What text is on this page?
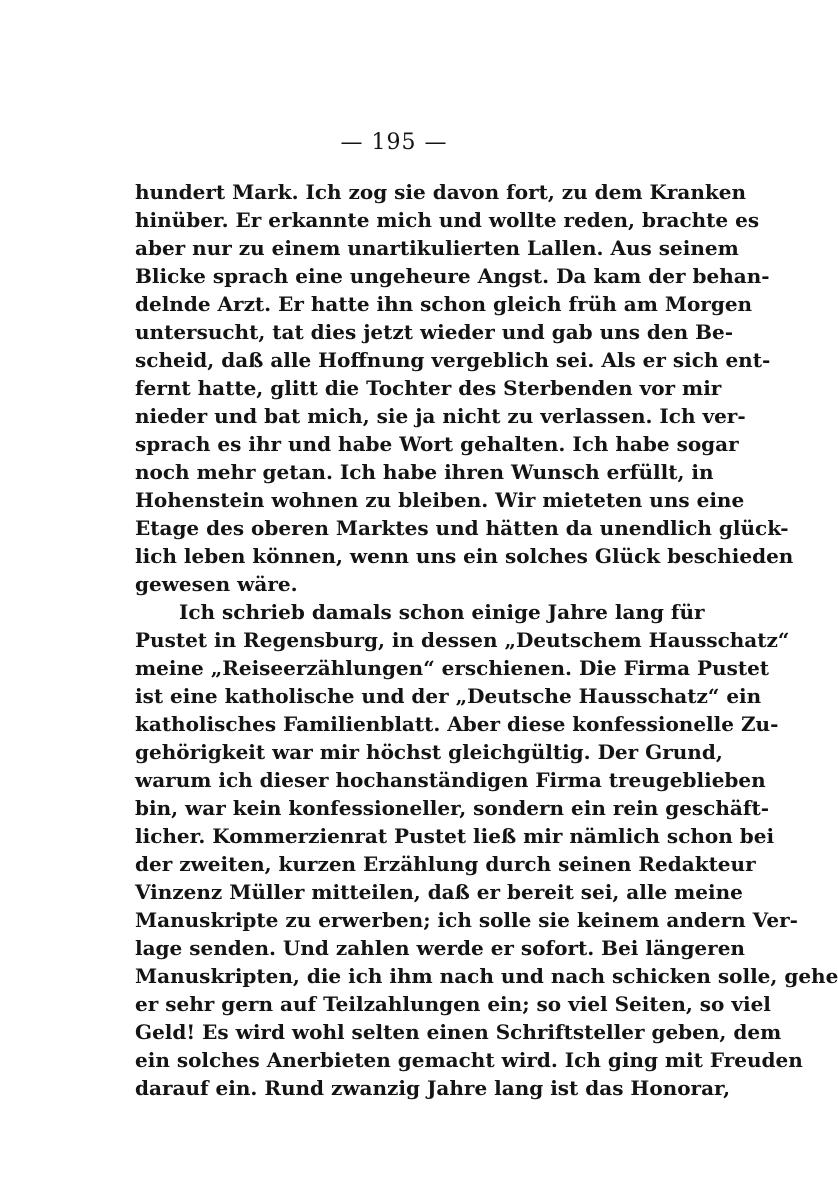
— 195 —
hundert Mark. Ich zog sie davon fort, zu dem Kranken
hinüber. Er erkannte mich und wollte reden, brachte es
aber nur zu einem unartikulierten Lallen. Aus seinem
Blicke sprach eine ungeheure Angst. Da kam der behan-
delnde Arzt. Er hatte ihn schon gleich früh am Morgen
untersucht, tat dies jetzt wieder und gab uns den Be-
scheid, daß alle Hoffnung vergeblich sei. Als er sich ent-
fernt hatte, glitt die Tochter des Sterbenden vor mir
nieder und bat mich, sie ja nicht zu verlassen. Ich ver-
sprach es ihr und habe Wort gehalten. Ich habe sogar
noch mehr getan. Ich habe ihren Wunsch erfüllt, in
Hohenstein wohnen zu bleiben. Wir mieteten uns eine
Etage des oberen Marktes und hätten da unendlich glück-
lich leben können, wenn uns ein solches Glück beschieden
gewesen wäre.
Ich schrieb damals schon einige Jahre lang für
Pustet in Regensburg, in dessen „Deutschem Hausschatz“
meine „Reiseerzählungen“ erschienen. Die Firma Pustet
ist eine katholische und der „Deutsche Hausschatz“ ein
katholisches Familienblatt. Aber diese konfessionelle Zu-
gehörigkeit war mir höchst gleichgültig. Der Grund,
warum ich dieser hochanständigen Firma treugeblieben
bin, war kein konfessioneller, sondern ein rein geschäft-
licher. Kommerzienrat Pustet ließ mir nämlich schon bei
der zweiten, kurzen Erzählung durch seinen Redakteur
Vinzenz Müller mitteilen, daß er bereit sei, alle meine
Manuskripte zu erwerben; ich solle sie keinem andern Ver-
lage senden. Und zahlen werde er sofort. Bei längeren
Manuskripten, die ich ihm nach und nach schicken solle, gehe
er sehr gern auf Teilzahlungen ein; so viel Seiten, so viel
Geld! Es wird wohl selten einen Schriftsteller geben, dem
ein solches Anerbieten gemacht wird. Ich ging mit Freuden
darauf ein. Rund zwanzig Jahre lang ist das Honorar,
